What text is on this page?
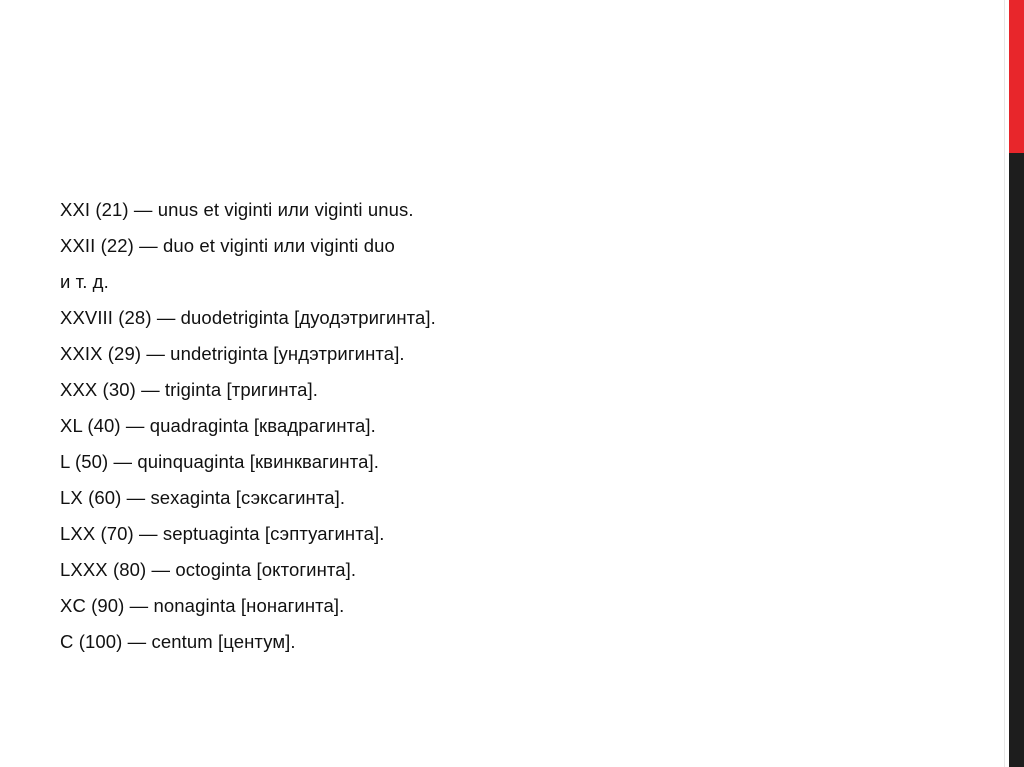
XXI (21) — unus et viginti или viginti unus.
XXII (22) — duo et viginti или viginti duo
и т. д.
XXVIII (28) — duodetriginta [дуодэтригинта].
XXIX (29) — undetriginta [ундэтригинта].
XXX (30) — triginta [тригинта].
XL (40) — quadraginta [квадрагинта].
L (50) — quinquaginta [квинквагинта].
LX (60) — sexaginta [сэксагинта].
LXX (70) — septuaginta [сэптуагинта].
LXXX (80) — octoginta [октогинта].
XC (90) — nonaginta [нонагинта].
C (100) — centum [центум].
